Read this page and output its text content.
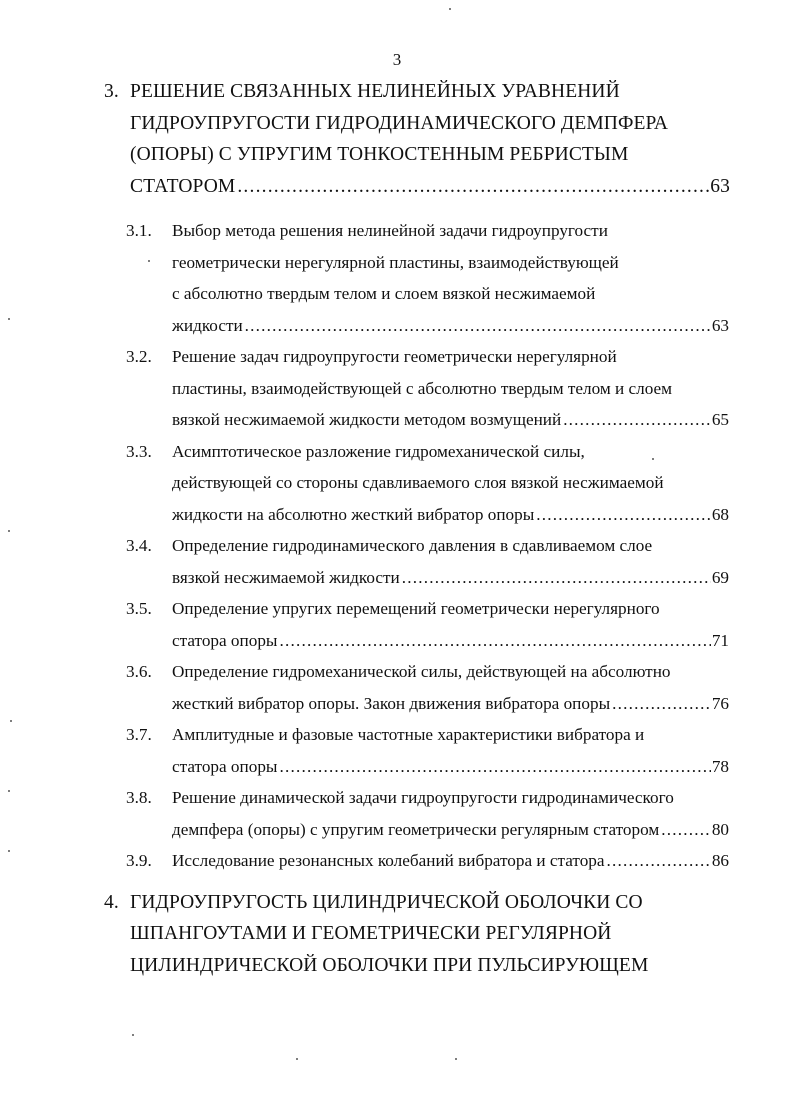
3
3. РЕШЕНИЕ СВЯЗАННЫХ НЕЛИНЕЙНЫХ УРАВНЕНИЙ
ГИДРОУПРУГОСТИ ГИДРОДИНАМИЧЕСКОГО ДЕМПФЕРА
(ОПОРЫ) С УПРУГИМ ТОНКОСТЕННЫМ РЕБРИСТЫМ
СТАТОРОМ .....	63
3.1. Выбор метода решения нелинейной задачи гидроупругости
геометрически нерегулярной пластины, взаимодействующей
с абсолютно твердым телом и слоем вязкой несжимаемой
жидкости .....	63
3.2. Решение задач гидроупругости геометрически нерегулярной
пластины, взаимодействующей с абсолютно твердым телом и слоем
вязкой несжимаемой жидкости методом возмущений .....	65
3.3. Асимптотическое разложение гидромеханической силы,
действующей со стороны сдавливаемого слоя вязкой несжимаемой
жидкости на абсолютно жесткий вибратор опоры .....	68
3.4. Определение гидродинамического давления в сдавливаемом слое
вязкой несжимаемой жидкости .....	69
3.5. Определение упругих перемещений геометрически нерегулярного
статора опоры .....	71
3.6. Определение гидромеханической силы, действующей на абсолютно
жесткий вибратор опоры. Закон движения вибратора опоры .....	76
3.7. Амплитудные и фазовые частотные характеристики вибратора и
статора опоры .....	78
3.8. Решение динамической задачи гидроупругости гидродинамического
демпфера (опоры) с упругим геометрически регулярным статором .....	80
3.9. Исследование резонансных колебаний вибратора и статора .....	86
4. ГИДРОУПРУГОСТЬ ЦИЛИНДРИЧЕСКОЙ ОБОЛОЧКИ СО
ШПАНГОУТАМИ И ГЕОМЕТРИЧЕСКИ РЕГУЛЯРНОЙ
ЦИЛИНДРИЧЕСКОЙ ОБОЛОЧКИ ПРИ ПУЛЬСИРУЮЩЕМ
